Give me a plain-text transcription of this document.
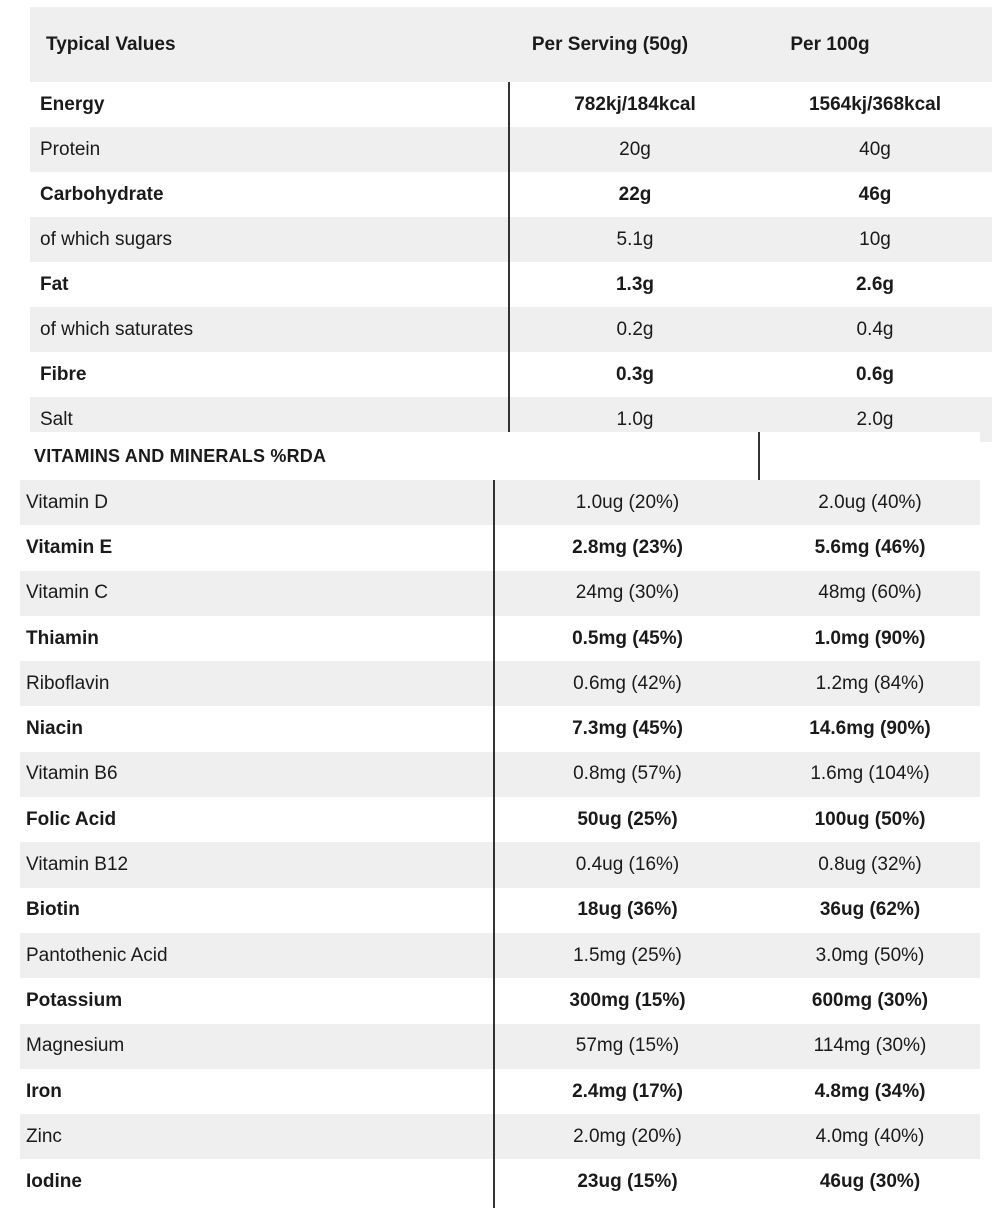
Typical Values	Per Serving (50g)	Per 100g
Energy	782kj/184kcal	1564kj/368kcal
Protein	20g	40g
Carbohydrate	22g	46g
of which sugars	5.1g	10g
Fat	1.3g	2.6g
of which saturates	0.2g	0.4g
Fibre	0.3g	0.6g
Salt	1.0g	2.0g
VITAMINS AND MINERALS %RDA
Vitamin D	1.0ug (20%)	2.0ug (40%)
Vitamin E	2.8mg (23%)	5.6mg (46%)
Vitamin C	24mg (30%)	48mg (60%)
Thiamin	0.5mg (45%)	1.0mg (90%)
Riboflavin	0.6mg (42%)	1.2mg (84%)
Niacin	7.3mg (45%)	14.6mg (90%)
Vitamin B6	0.8mg (57%)	1.6mg (104%)
Folic Acid	50ug (25%)	100ug (50%)
Vitamin B12	0.4ug (16%)	0.8ug (32%)
Biotin	18ug (36%)	36ug (62%)
Pantothenic Acid	1.5mg (25%)	3.0mg (50%)
Potassium	300mg (15%)	600mg (30%)
Magnesium	57mg (15%)	114mg (30%)
Iron	2.4mg (17%)	4.8mg (34%)
Zinc	2.0mg (20%)	4.0mg (40%)
Iodine	23ug (15%)	46ug (30%)
